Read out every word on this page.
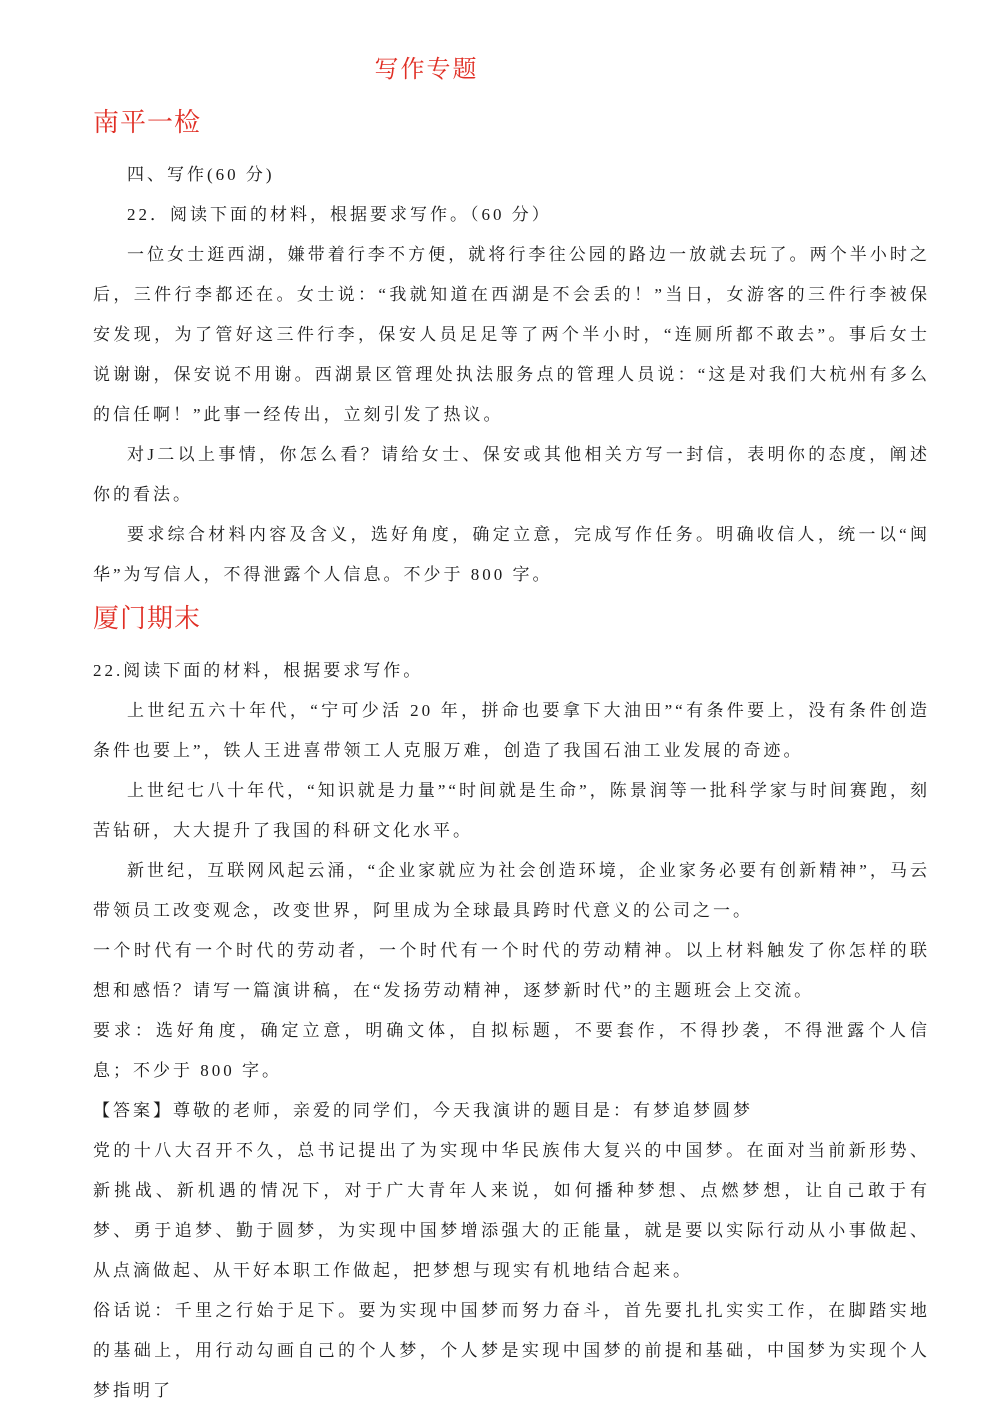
写作专题
南平一检

四、写作(60 分)

22．阅读下面的材料，根据要求写作。（60 分）

一位女士逛西湖，嫌带着行李不方便，就将行李往公园的路边一放就去玩了。两个半小时之后，三件行李都还在。女士说：“我就知道在西湖是不会丢的！”当日，女游客的三件行李被保安发现，为了管好这三件行李，保安人员足足等了两个半小时，“连厕所都不敢去”。事后女士说谢谢，保安说不用谢。西湖景区管理处执法服务点的管理人员说：“这是对我们大杭州有多么的信任啊！”此事一经传出，立刻引发了热议。

对J二以上事情，你怎么看？请给女士、保安或其他相关方写一封信，表明你的态度，阐述你的看法。

要求综合材料内容及含义，选好角度，确定立意，完成写作任务。明确收信人，统一以“闽华”为写信人，不得泄露个人信息。不少于 800 字。

厦门期末

22.阅读下面的材料，根据要求写作。

上世纪五六十年代，“宁可少活 20 年，拼命也要拿下大油田”“有条件要上，没有条件创造条件也要上”，铁人王进喜带领工人克服万难，创造了我国石油工业发展的奇迹。

上世纪七八十年代，“知识就是力量”“时间就是生命”，陈景润等一批科学家与时间赛跑，刻苦钻研，大大提升了我国的科研文化水平。

新世纪，互联网风起云涌，“企业家就应为社会创造环境，企业家务必要有创新精神”，马云带领员工改变观念，改变世界，阿里成为全球最具跨时代意义的公司之一。

一个时代有一个时代的劳动者，一个时代有一个时代的劳动精神。以上材料触发了你怎样的联想和感悟？请写一篇演讲稿，在“发扬劳动精神，逐梦新时代”的主题班会上交流。

要求：选好角度，确定立意，明确文体，自拟标题，不要套作，不得抄袭，不得泄露个人信息；不少于 800 字。

【答案】尊敬的老师，亲爱的同学们，今天我演讲的题目是：有梦追梦圆梦

党的十八大召开不久，总书记提出了为实现中华民族伟大复兴的中国梦。在面对当前新形势、新挑战、新机遇的情况下，对于广大青年人来说，如何播种梦想、点燃梦想，让自己敢于有梦、勇于追梦、勤于圆梦，为实现中国梦增添强大的正能量，就是要以实际行动从小事做起、从点滴做起、从干好本职工作做起，把梦想与现实有机地结合起来。

俗话说：千里之行始于足下。要为实现中国梦而努力奋斗，首先要扎扎实实工作，在脚踏实地的基础上，用行动勾画自己的个人梦，个人梦是实现中国梦的前提和基础，中国梦为实现个人梦指明了
